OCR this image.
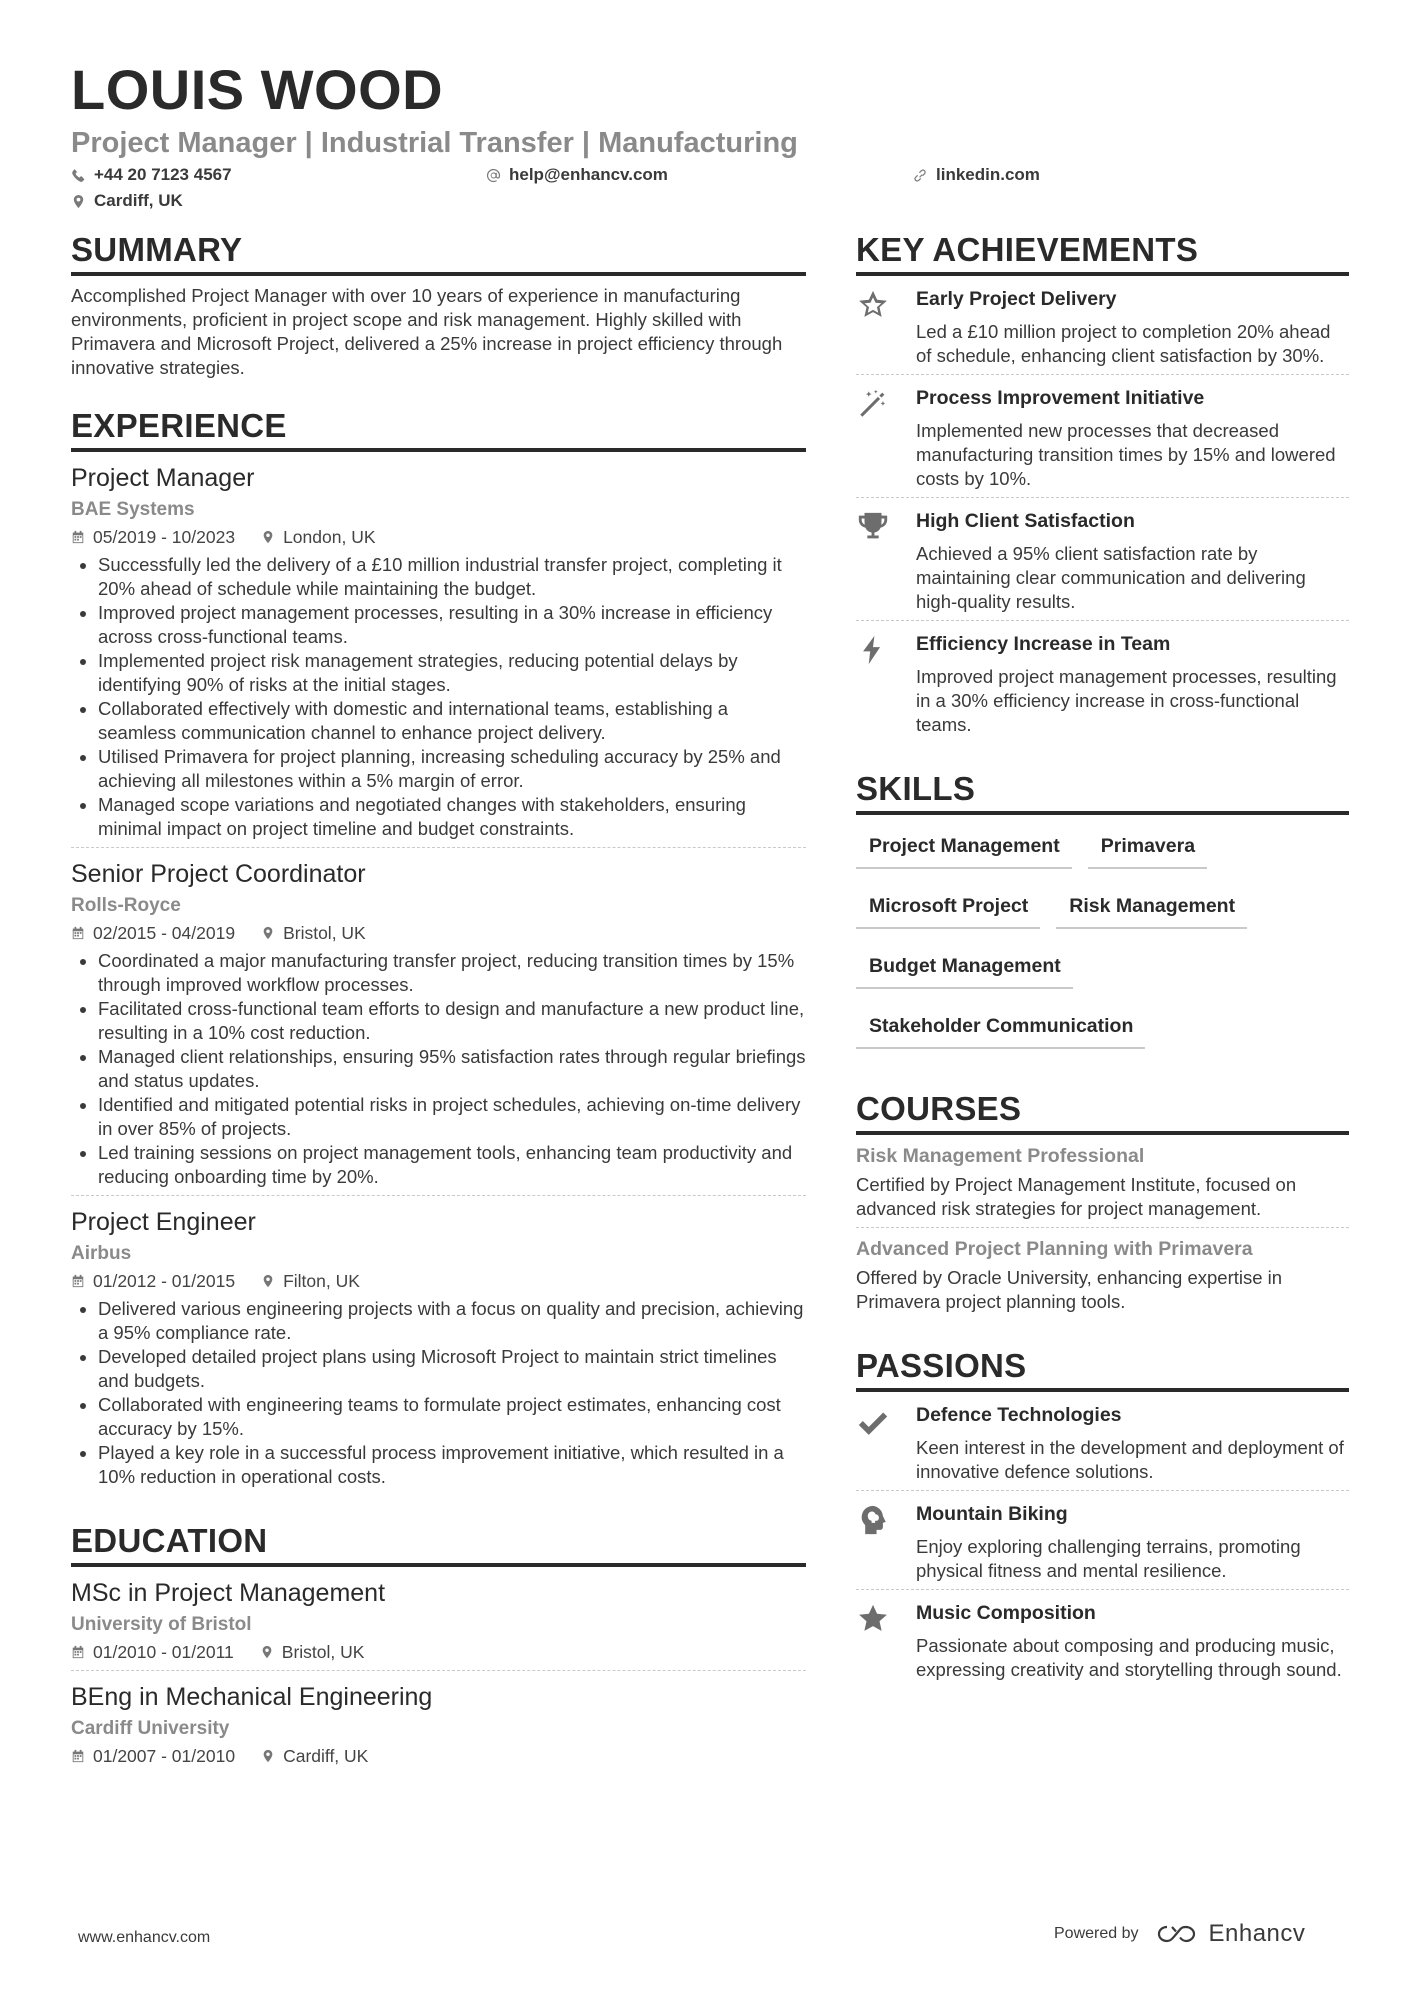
LOUIS WOOD
Project Manager | Industrial Transfer | Manufacturing
+44 20 7123 4567	help@enhancv.com	linkedin.com
Cardiff, UK
SUMMARY
Accomplished Project Manager with over 10 years of experience in manufacturing environments, proficient in project scope and risk management. Highly skilled with Primavera and Microsoft Project, delivered a 25% increase in project efficiency through innovative strategies.
EXPERIENCE
Project Manager
BAE Systems
05/2019 - 10/2023	London, UK
• Successfully led the delivery of a £10 million industrial transfer project, completing it 20% ahead of schedule while maintaining the budget.
• Improved project management processes, resulting in a 30% increase in efficiency across cross-functional teams.
• Implemented project risk management strategies, reducing potential delays by identifying 90% of risks at the initial stages.
• Collaborated effectively with domestic and international teams, establishing a seamless communication channel to enhance project delivery.
• Utilised Primavera for project planning, increasing scheduling accuracy by 25% and achieving all milestones within a 5% margin of error.
• Managed scope variations and negotiated changes with stakeholders, ensuring minimal impact on project timeline and budget constraints.
Senior Project Coordinator
Rolls-Royce
02/2015 - 04/2019	Bristol, UK
• Coordinated a major manufacturing transfer project, reducing transition times by 15% through improved workflow processes.
• Facilitated cross-functional team efforts to design and manufacture a new product line, resulting in a 10% cost reduction.
• Managed client relationships, ensuring 95% satisfaction rates through regular briefings and status updates.
• Identified and mitigated potential risks in project schedules, achieving on-time delivery in over 85% of projects.
• Led training sessions on project management tools, enhancing team productivity and reducing onboarding time by 20%.
Project Engineer
Airbus
01/2012 - 01/2015	Filton, UK
• Delivered various engineering projects with a focus on quality and precision, achieving a 95% compliance rate.
• Developed detailed project plans using Microsoft Project to maintain strict timelines and budgets.
• Collaborated with engineering teams to formulate project estimates, enhancing cost accuracy by 15%.
• Played a key role in a successful process improvement initiative, which resulted in a 10% reduction in operational costs.
EDUCATION
MSc in Project Management
University of Bristol
01/2010 - 01/2011	Bristol, UK
BEng in Mechanical Engineering
Cardiff University
01/2007 - 01/2010	Cardiff, UK
KEY ACHIEVEMENTS
Early Project Delivery
Led a £10 million project to completion 20% ahead of schedule, enhancing client satisfaction by 30%.
Process Improvement Initiative
Implemented new processes that decreased manufacturing transition times by 15% and lowered costs by 10%.
High Client Satisfaction
Achieved a 95% client satisfaction rate by maintaining clear communication and delivering high-quality results.
Efficiency Increase in Team
Improved project management processes, resulting in a 30% efficiency increase in cross-functional teams.
SKILLS
Project Management	Primavera
Microsoft Project	Risk Management
Budget Management
Stakeholder Communication
COURSES
Risk Management Professional
Certified by Project Management Institute, focused on advanced risk strategies for project management.
Advanced Project Planning with Primavera
Offered by Oracle University, enhancing expertise in Primavera project planning tools.
PASSIONS
Defence Technologies
Keen interest in the development and deployment of innovative defence solutions.
Mountain Biking
Enjoy exploring challenging terrains, promoting physical fitness and mental resilience.
Music Composition
Passionate about composing and producing music, expressing creativity and storytelling through sound.
www.enhancv.com	Powered by	Enhancv
